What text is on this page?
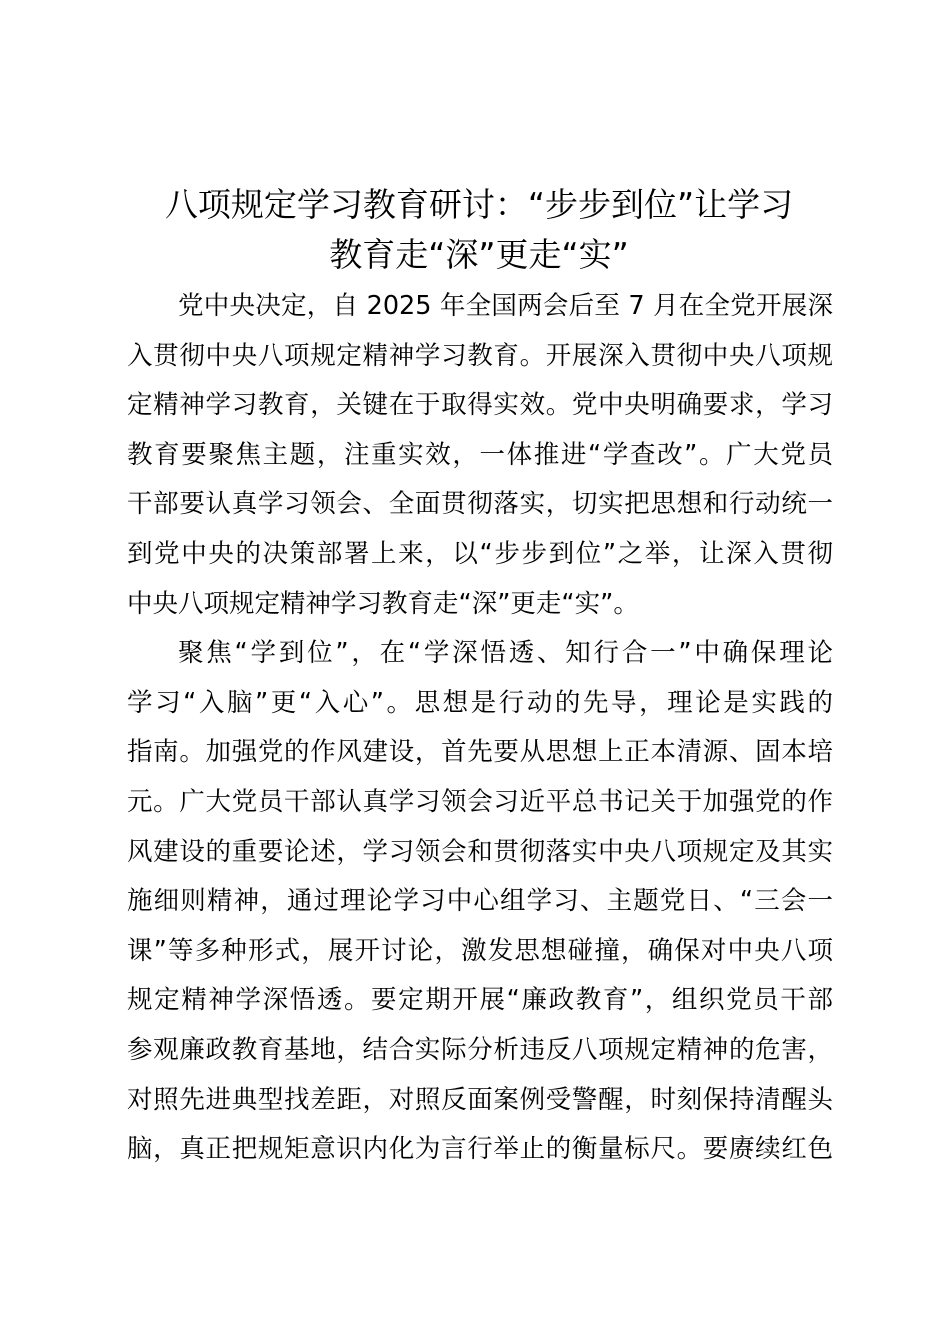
八项规定学习教育研讨：“步步到位”让学习
教育走“深”更走“实”
党中央决定，自 2025 年全国两会后至 7 月在全党开展深
入贯彻中央八项规定精神学习教育。开展深入贯彻中央八项规
定精神学习教育，关键在于取得实效。党中央明确要求，学习
教育要聚焦主题，注重实效，一体推进“学查改”。广大党员
干部要认真学习领会、全面贯彻落实，切实把思想和行动统一
到党中央的决策部署上来，以“步步到位”之举，让深入贯彻
中央八项规定精神学习教育走“深”更走“实”。
聚焦“学到位”，在“学深悟透、知行合一”中确保理论
学习“入脑”更“入心”。思想是行动的先导，理论是实践的
指南。加强党的作风建设，首先要从思想上正本清源、固本培
元。广大党员干部认真学习领会习近平总书记关于加强党的作
风建设的重要论述，学习领会和贯彻落实中央八项规定及其实
施细则精神，通过理论学习中心组学习、主题党日、“三会一
课”等多种形式，展开讨论，激发思想碰撞，确保对中央八项
规定精神学深悟透。要定期开展“廉政教育”，组织党员干部
参观廉政教育基地，结合实际分析违反八项规定精神的危害，
对照先进典型找差距，对照反面案例受警醒，时刻保持清醒头
脑，真正把规矩意识内化为言行举止的衡量标尺。要赓续红色
